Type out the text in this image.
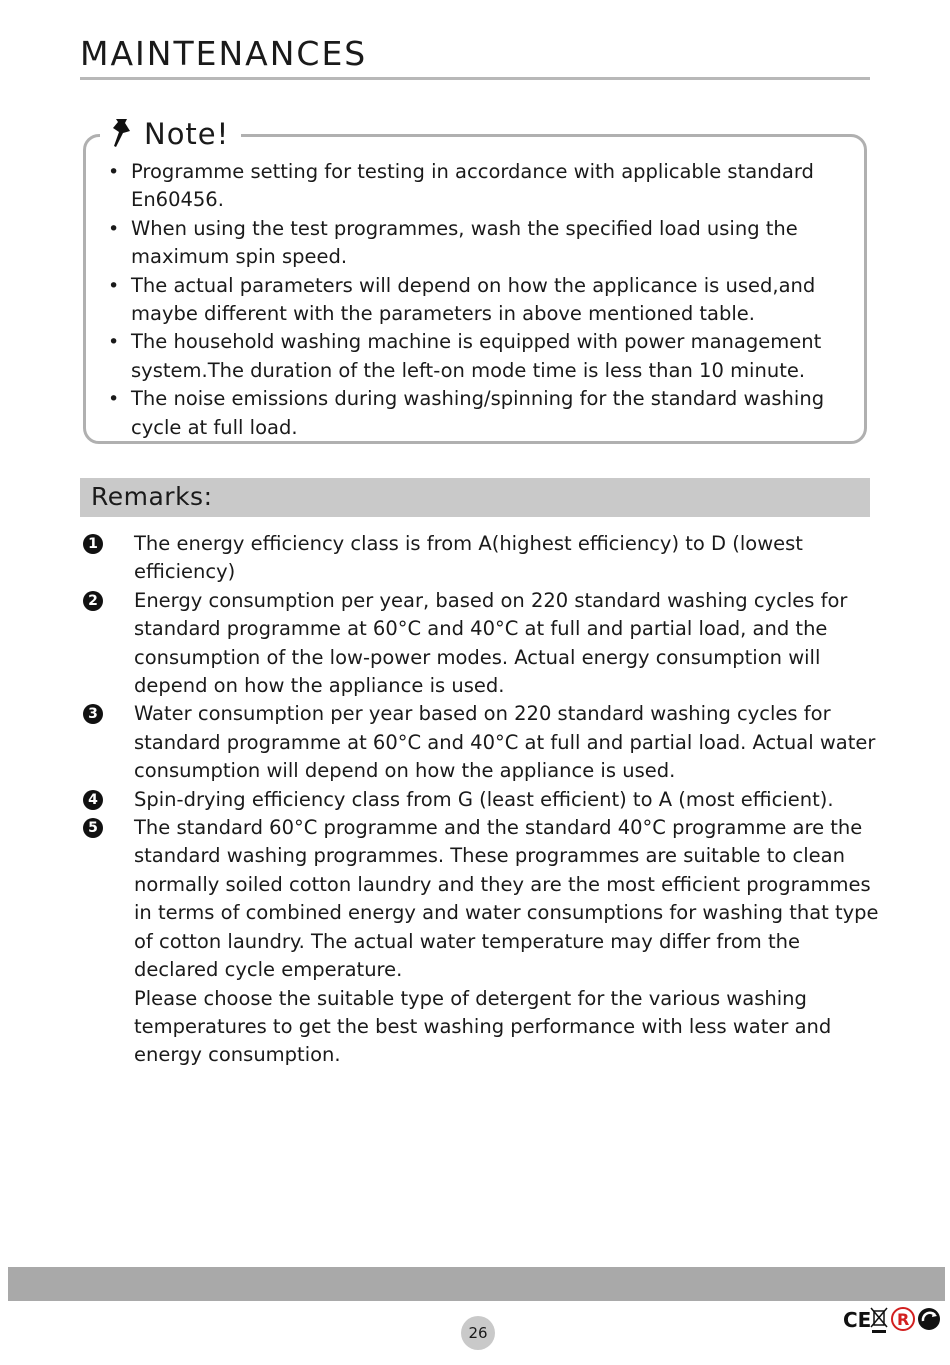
MAINTENANCES
Note!
• Programme setting for testing in accordance with applicable standard En60456.
• When using the test programmes, wash the specified load using the maximum spin speed.
• The actual parameters will depend on how the applicance is used,and maybe different with the parameters in above mentioned table.
• The household washing machine is equipped with power management system.The duration of the left-on mode time is less than 10 minute.
• The noise emissions during washing/spinning for the standard washing cycle at full load.
Remarks:
1 The energy efficiency class is from A(highest efficiency) to D (lowest efficiency)
2 Energy consumption per year, based on 220 standard washing cycles for standard programme at 60°C and 40°C at full and partial load, and the consumption of the low-power modes. Actual energy consumption will depend on how the appliance is used.
3 Water consumption per year based on 220 standard washing cycles for standard programme at 60°C and 40°C at full and partial load. Actual water consumption will depend on how the appliance is used.
4 Spin-drying efficiency class from G (least efficient) to A (most efficient).
5 The standard 60°C programme and the standard 40°C programme are the standard washing programmes. These programmes are suitable to clean normally soiled cotton laundry and they are the most efficient programmes in terms of combined energy and water consumptions for washing that type of cotton laundry. The actual water temperature may differ from the declared cycle emperature.
Please choose the suitable type of detergent for the various washing temperatures to get the best washing performance with less water and energy consumption.
26
CE R
